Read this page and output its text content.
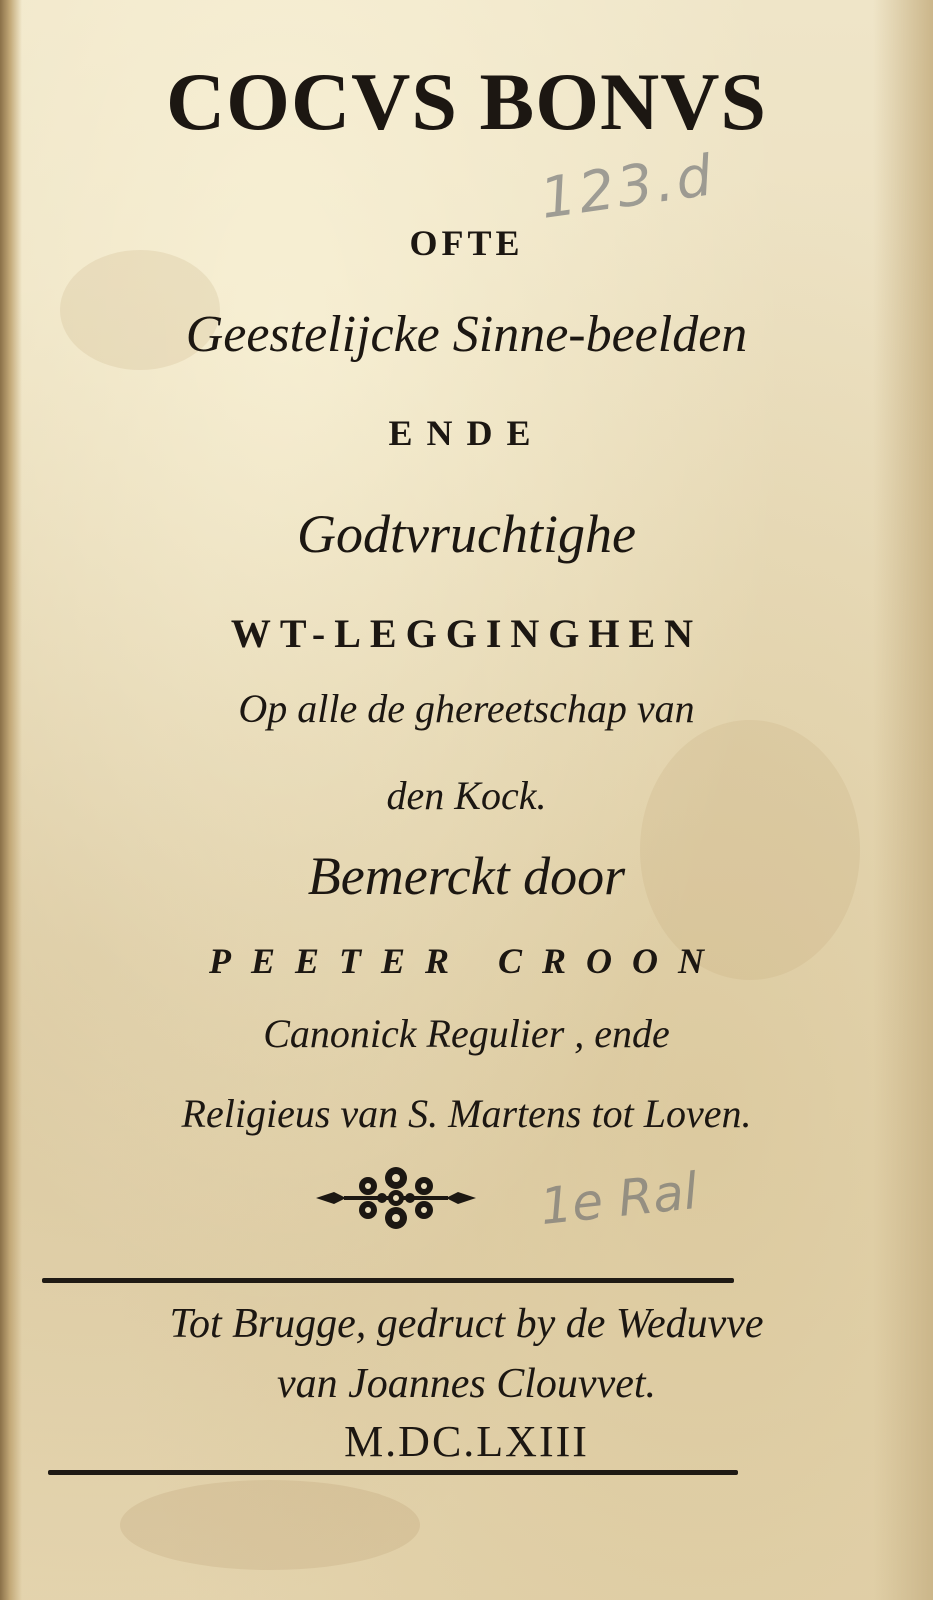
123.d
1e Ral
COCVS BONVS
OFTE
Geestelijcke Sinne-beelden
ENDE
Godtvruchtighe
WT-LEGGINGHEN
Op alle de ghereetschap van
den Kock.
Bemerckt door
PEETER CROON
Canonick Regulier , ende
Religieus van S. Martens tot Loven.
Tot Brugge, gedruct by de Weduvve
van Joannes Clouvvet.
M.DC.LXIII
